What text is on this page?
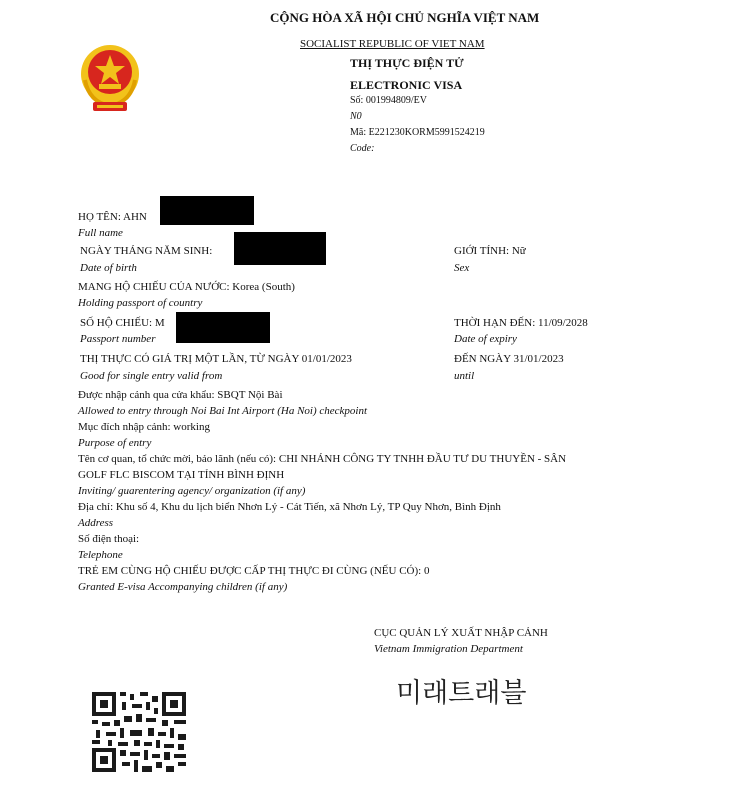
CỘNG HÒA XÃ HỘI CHỦ NGHĨA VIỆT NAM
SOCIALIST REPUBLIC OF VIET NAM
THỊ THỰC ĐIỆN TỬ
ELECTRONIC VISA
Số: 001994809/EV
N0
Mã: E221230KORM5991524219
Code:
HỌ TÊN: AHN
Full name
NGÀY THÁNG NĂM SINH:
Date of birth
GIỚI TÍNH: Nữ
Sex
MANG HỘ CHIẾU CỦA NƯỚC: Korea (South)
Holding passport of country
SỐ HỘ CHIẾU: M
Passport number
THỜI HẠN ĐẾN: 11/09/2028
Date of expiry
THỊ THỰC CÓ GIÁ TRỊ MỘT LẦN, TỪ NGÀY 01/01/2023
Good for single entry valid from
ĐẾN NGÀY 31/01/2023
until
Được nhập cảnh qua cửa khẩu: SBQT Nội Bài
Allowed to entry through Noi Bai Int Airport (Ha Noi) checkpoint
Mục đích nhập cảnh: working
Purpose of entry
Tên cơ quan, tổ chức mời, bảo lãnh (nếu có): CHI NHÁNH CÔNG TY TNHH ĐẦU TƯ DU THUYỀN - SÂN
GOLF FLC BISCOM TẠI TỈNH BÌNH ĐỊNH
Inviting/ guarentering agency/ organization (if any)
Địa chỉ: Khu số 4, Khu du lịch biển Nhơn Lý - Cát Tiến, xã Nhơn Lý, TP Quy Nhơn, Bình Định
Address
Số điện thoại:
Telephone
TRẺ EM CÙNG HỘ CHIẾU ĐƯỢC CẤP THỊ THỰC ĐI CÙNG (NẾU CÓ): 0
Granted E-visa Accompanying children (if any)
CỤC QUẢN LÝ XUẤT NHẬP CẢNH
Vietnam Immigration Department
미래트래블
